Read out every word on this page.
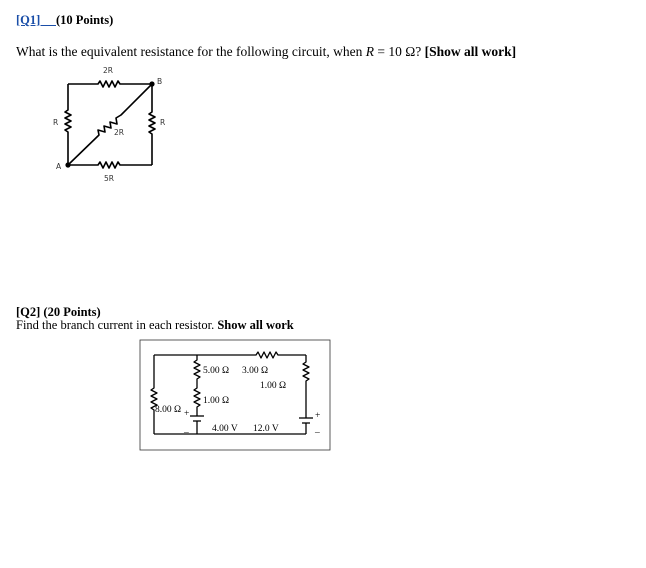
[Q1] __(10 Points)
What is the equivalent resistance for the following circuit, when R = 10 Ω? [Show all work]
2R
R	R
2R
5R
A
B
[Q2] (20 Points)
Find the branch current in each resistor. Show all work
5.00 Ω 3.00 Ω
1.00 Ω
1.00 Ω
8.00 Ω
4.00 V 12.0 V
+
–
+
–
